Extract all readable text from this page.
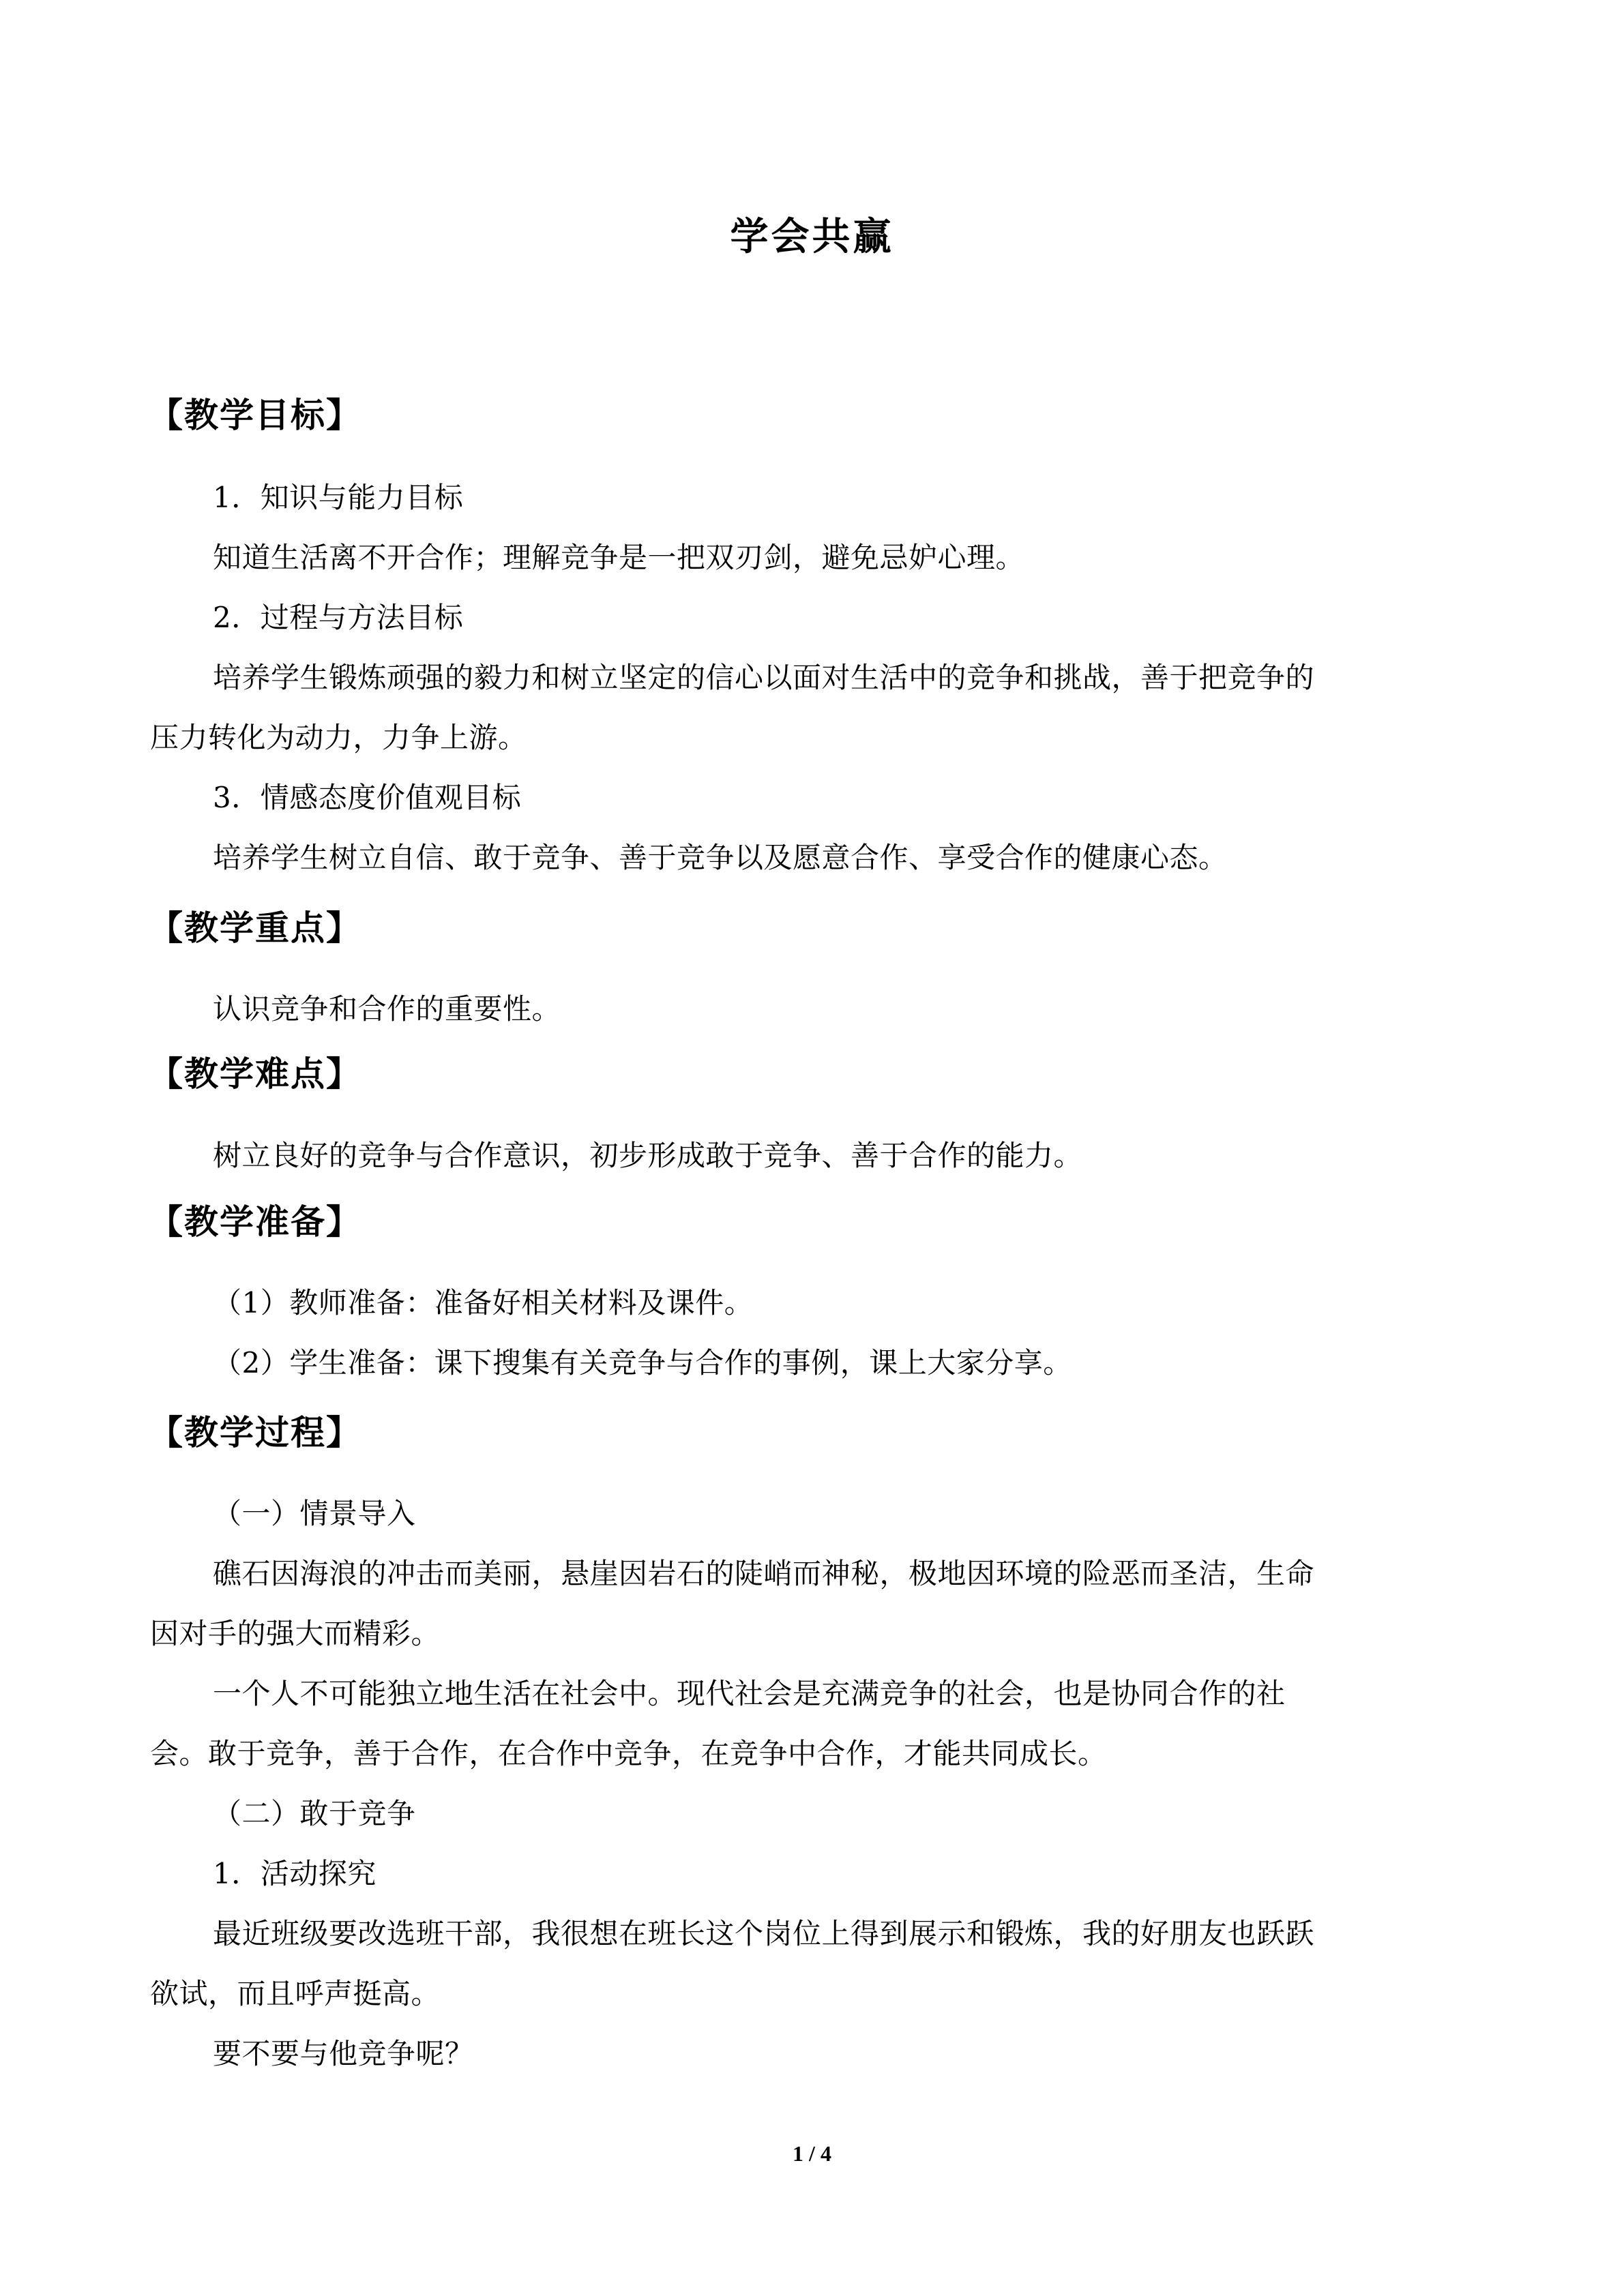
学会共赢
【教学目标】
1．知识与能力目标
知道生活离不开合作；理解竞争是一把双刃剑，避免忌妒心理。
2．过程与方法目标
培养学生锻炼顽强的毅力和树立坚定的信心以面对生活中的竞争和挑战，善于把竞争的
压力转化为动力，力争上游。
3．情感态度价值观目标
培养学生树立自信、敢于竞争、善于竞争以及愿意合作、享受合作的健康心态。
【教学重点】
认识竞争和合作的重要性。
【教学难点】
树立良好的竞争与合作意识，初步形成敢于竞争、善于合作的能力。
【教学准备】
（1）教师准备：准备好相关材料及课件。
（2）学生准备：课下搜集有关竞争与合作的事例，课上大家分享。
【教学过程】
（一）情景导入
礁石因海浪的冲击而美丽，悬崖因岩石的陡峭而神秘，极地因环境的险恶而圣洁，生命
因对手的强大而精彩。
一个人不可能独立地生活在社会中。现代社会是充满竞争的社会，也是协同合作的社
会。敢于竞争，善于合作，在合作中竞争，在竞争中合作，才能共同成长。
（二）敢于竞争
1．活动探究
最近班级要改选班干部，我很想在班长这个岗位上得到展示和锻炼，我的好朋友也跃跃
欲试，而且呼声挺高。
要不要与他竞争呢？
1 / 4
